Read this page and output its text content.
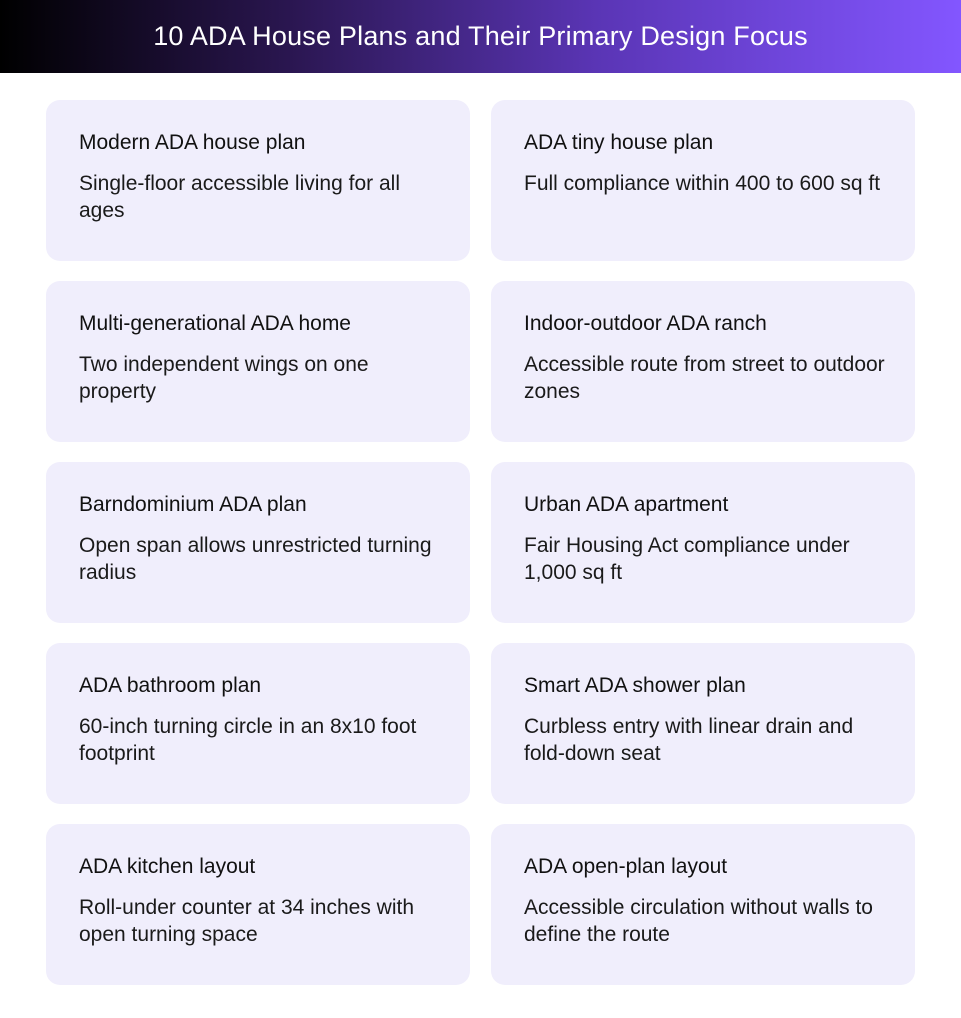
10 ADA House Plans and Their Primary Design Focus
Modern ADA house plan
Single-floor accessible living for all ages
ADA tiny house plan
Full compliance within 400 to 600 sq ft
Multi-generational ADA home
Two independent wings on one property
Indoor-outdoor ADA ranch
Accessible route from street to outdoor zones
Barndominium ADA plan
Open span allows unrestricted turning radius
Urban ADA apartment
Fair Housing Act compliance under 1,000 sq ft
ADA bathroom plan
60-inch turning circle in an 8x10 foot footprint
Smart ADA shower plan
Curbless entry with linear drain and fold-down seat
ADA kitchen layout
Roll-under counter at 34 inches with open turning space
ADA open-plan layout
Accessible circulation without walls to define the route
